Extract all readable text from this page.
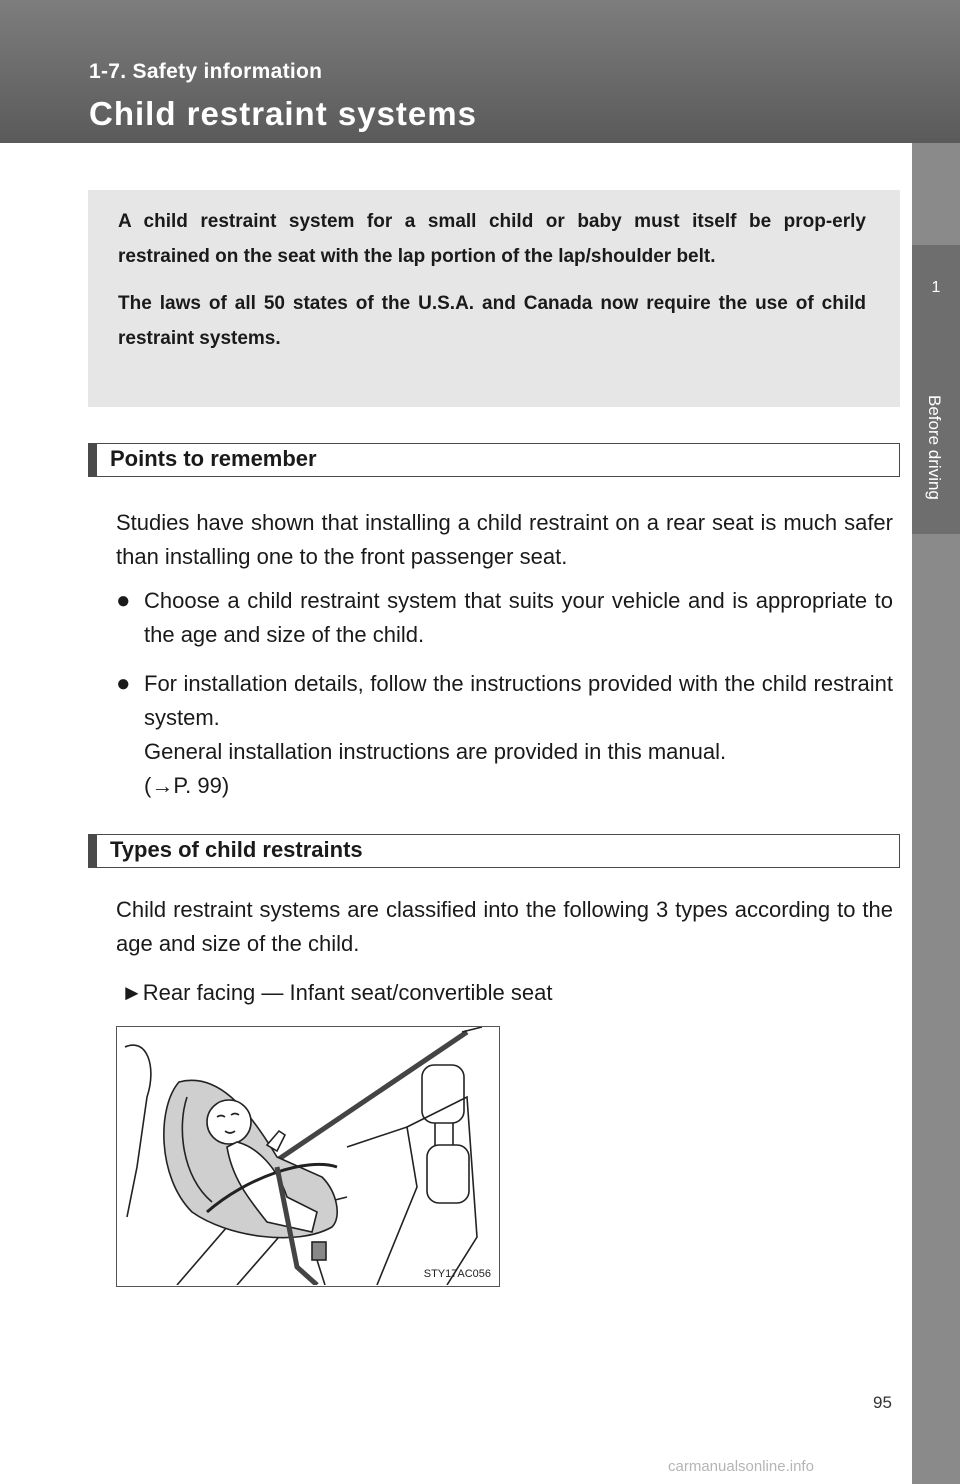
1-7. Safety information
Child restraint systems
1
Before driving

A child restraint system for a small child or baby must itself be prop-erly restrained on the seat with the lap portion of the lap/shoulder belt.

The laws of all 50 states of the U.S.A. and Canada now require the use of child restraint systems.

Points to remember

Studies have shown that installing a child restraint on a rear seat is much safer than installing one to the front passenger seat.

● Choose a child restraint system that suits your vehicle and is appropriate to the age and size of the child.
● For installation details, follow the instructions provided with the child restraint system.
General installation instructions are provided in this manual.
(→P. 99)
Types of child restraints

Child restraint systems are classified into the following 3 types according to the age and size of the child.

►Rear facing — Infant seat/convertible seat
STY17AC056
95
carmanualsonline.info
